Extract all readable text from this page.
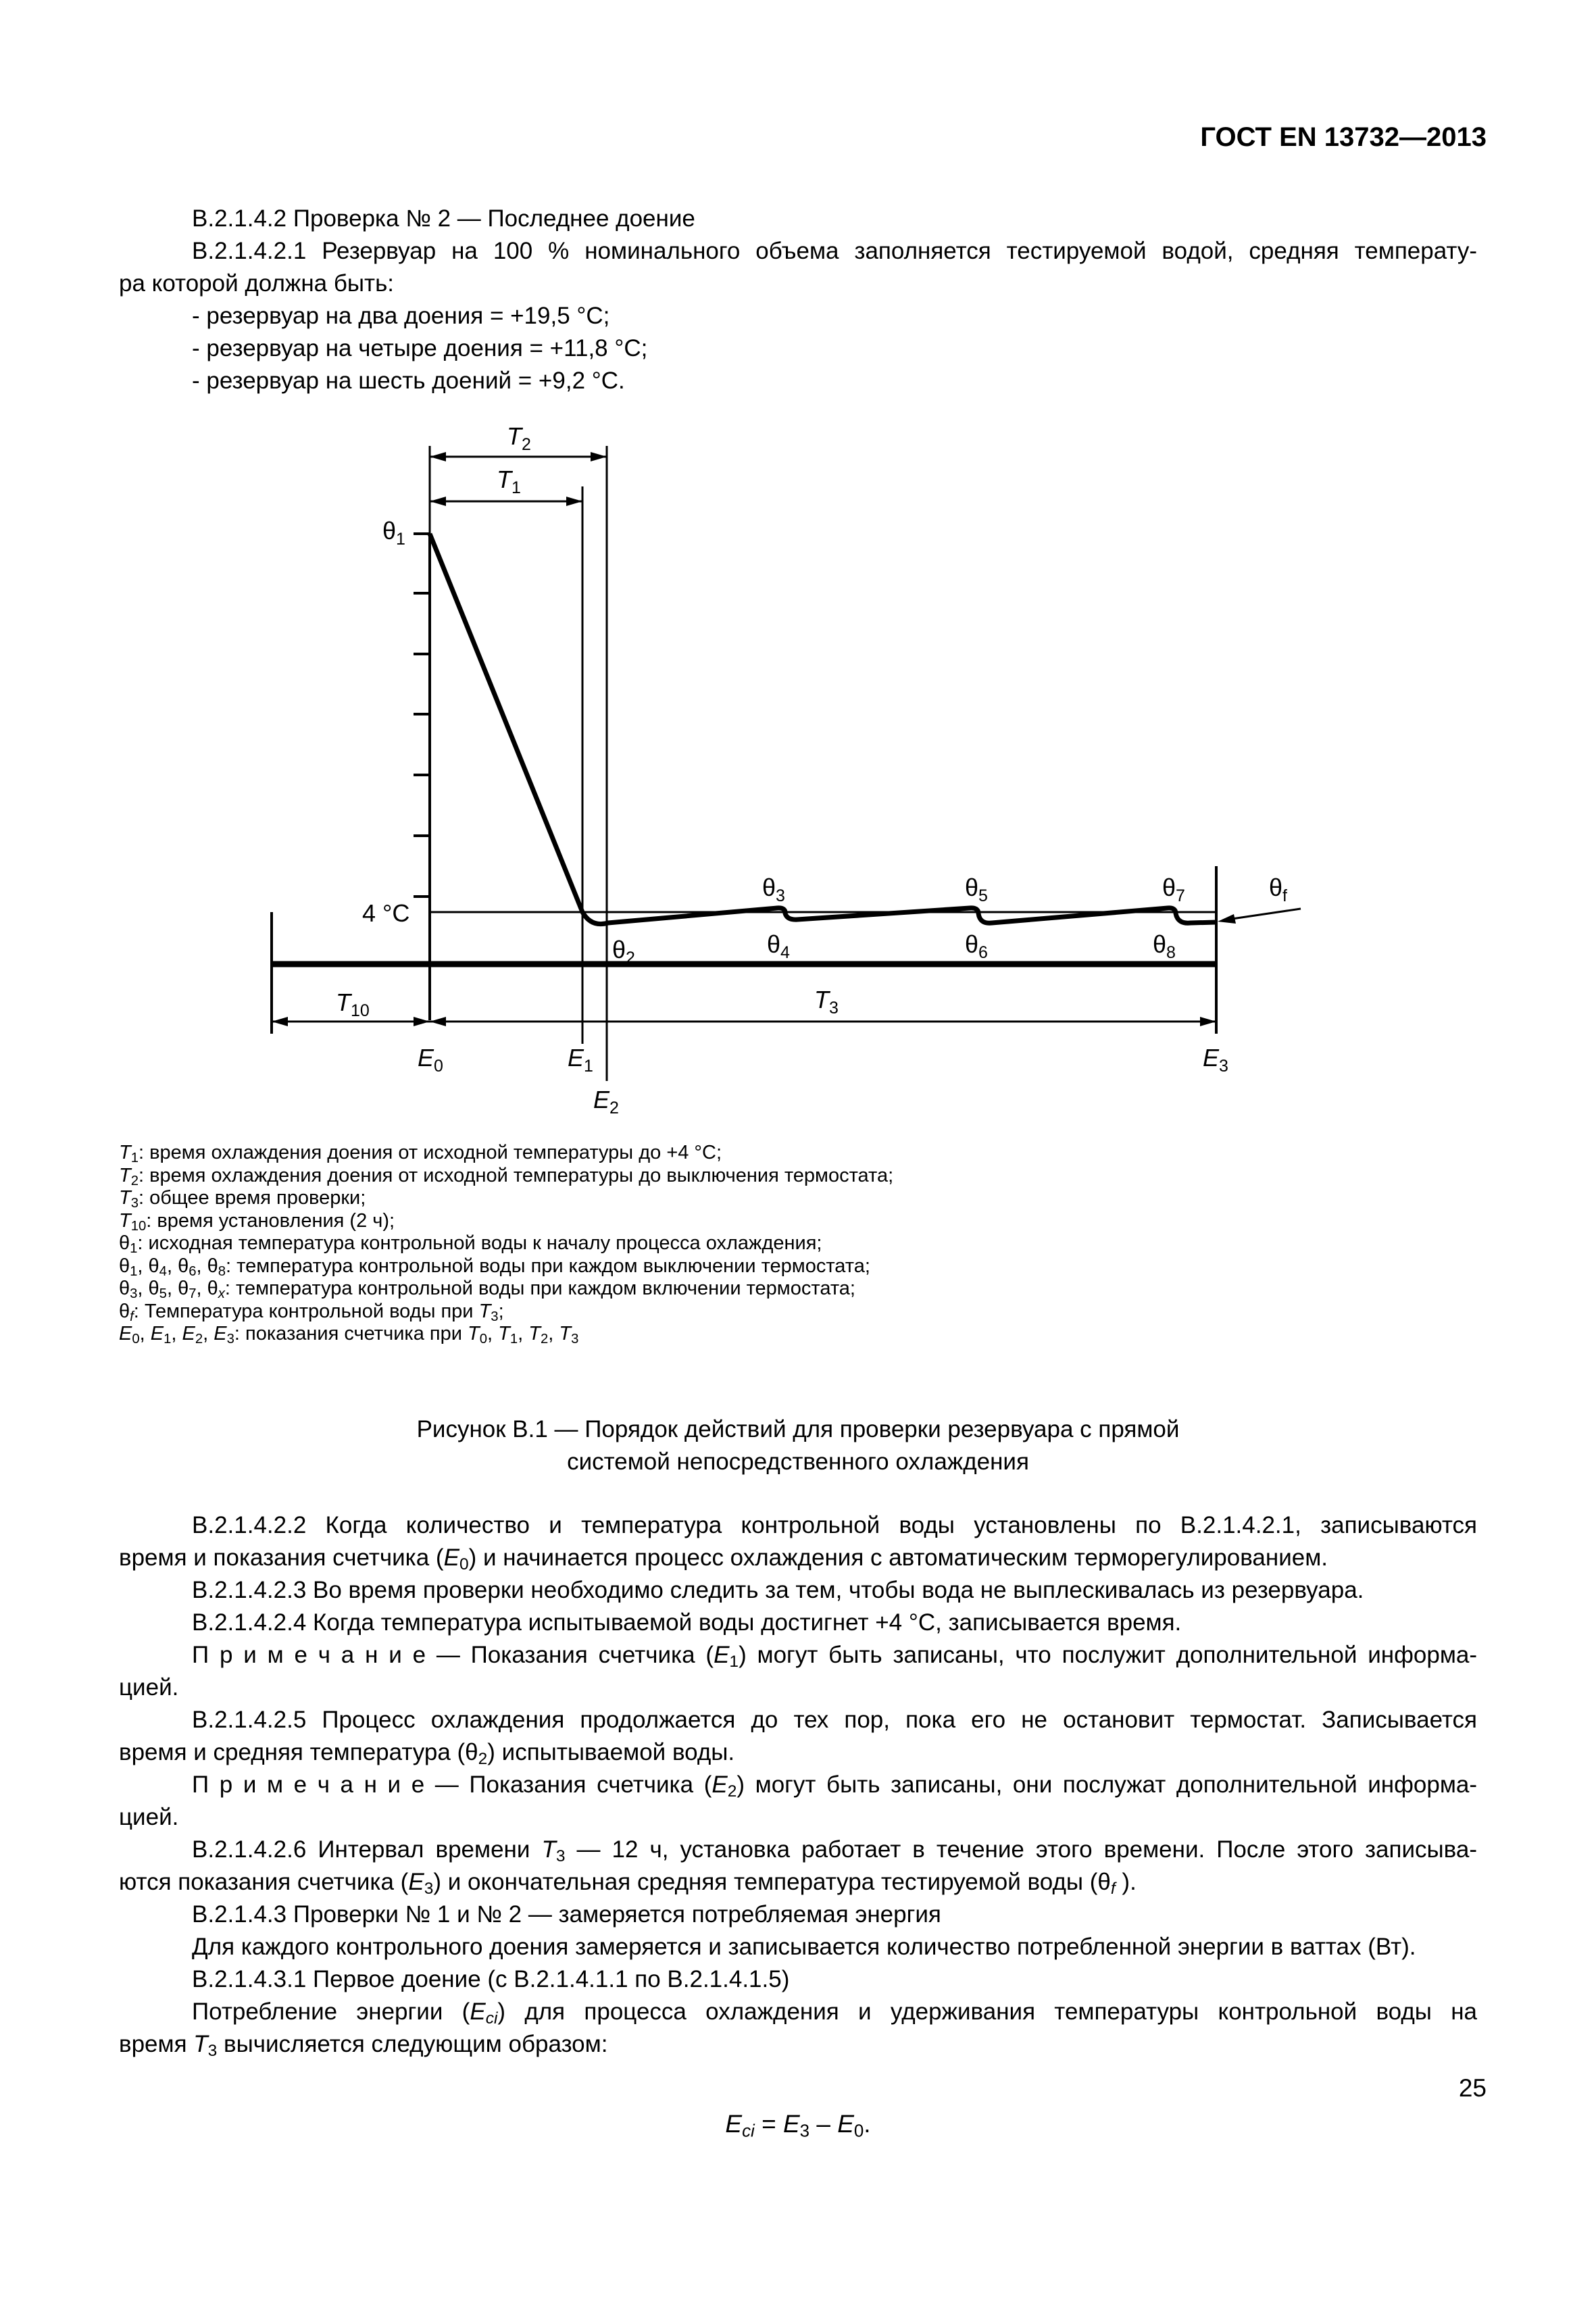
ГОСТ EN 13732—2013

В.2.1.4.2 Проверка № 2 — Последнее доение

В.2.1.4.2.1 Резервуар на 100 % номинального объема заполняется тестируемой водой, средняя температу-

ра которой должна быть:

- резервуар на два доения = +19,5 °C;

- резервуар на четыре доения = +11,8 °C;

- резервуар на шесть доений = +9,2 °C.

$T_2$
$T_1$
$\theta_1$
4 °C
$\theta_2$
$\theta_3$
$\theta_4$
$\theta_5$
$\theta_6$
$\theta_7$
$\theta_8$
$\theta_f$
$T_{10}$	$T_3$
$E_0$	$E_1$
$E_2$
$E_3$
$T_1$: время охлаждения доения от исходной температуры до +4 °С;
$T_2$: время охлаждения доения от исходной температуры до выключения термостата;
$T_3$: общее время проверки;
$T_{10}$: время установления (2 ч);
$\theta_1$: исходная температура контрольной воды к началу процесса охлаждения;
$\theta_1$, $\theta_4$, $\theta_6$, $\theta_8$: температура контрольной воды при каждом выключении термостата;
$\theta_3$, $\theta_5$, $\theta_7$, $\theta_x$: температура контрольной воды при каждом включении термостата;
$\theta_f$: Температура контрольной воды при $T_3$;
$E_0$, $E_1$, $E_2$, $E_3$: показания счетчика при $T_0$, $T_1$, $T_2$, $T_3$
Рисунок В.1 — Порядок действий для проверки резервуара с прямой
системой непосредственного охлаждения

В.2.1.4.2.2 Когда количество и температура контрольной воды установлены по В.2.1.4.2.1, записываются

время и показания счетчика $(E_0)$ и начинается процесс охлаждения с автоматическим терморегулированием.

В.2.1.4.2.3 Во время проверки необходимо следить за тем, чтобы вода не выплескивалась из резервуара.

В.2.1.4.2.4 Когда температура испытываемой воды достигнет +4 °С, записывается время.

П р и м е ч а н и е — Показания счетчика $(E_1)$ могут быть записаны, что послужит дополнительной информа-

цией.

В.2.1.4.2.5 Процесс охлаждения продолжается до тех пор, пока его не остановит термостат. Записывается

время и средняя температура $(\theta_2)$ испытываемой воды.

П р и м е ч а н и е — Показания счетчика $(E_2)$ могут быть записаны, они послужат дополнительной информа-

цией.

В.2.1.4.2.6 Интервал времени $T_3$ — 12 ч, установка работает в течение этого времени. После этого записыва-

ются показания счетчика $(E_3)$ и окончательная средняя температура тестируемой воды ($\theta_f$ ).

В.2.1.4.3 Проверки № 1 и № 2 — замеряется потребляемая энергия

Для каждого контрольного доения замеряется и записывается количество потребленной энергии в ваттах (Вт).

В.2.1.4.3.1 Первое доение (с В.2.1.4.1.1 по В.2.1.4.1.5)

Потребление энергии $(E_{ci})$ для процесса охлаждения и удерживания температуры контрольной воды на

время $T_3$ вычисляется следующим образом:

$E_{ci} = E_3 - E_0$.
25
